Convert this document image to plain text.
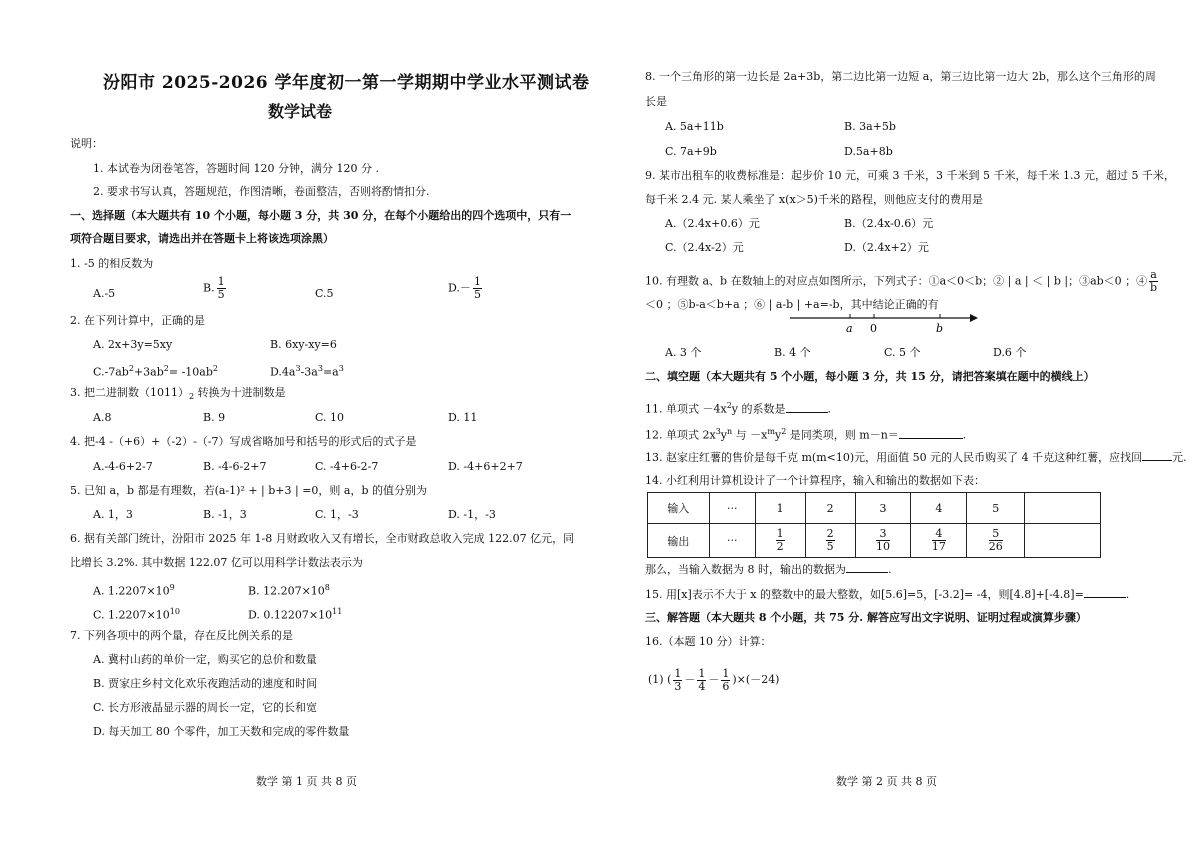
汾阳市 2025-2026 学年度初一第一学期期中学业水平测试卷
数学试卷
说明：
1. 本试卷为闭卷笔答，答题时间 120 分钟，满分 120 分 .
2. 要求书写认真，答题规范，作图清晰，卷面整洁，否则将酌情扣分.
一、选择题（本大题共有 10 个小题，每小题 3 分，共 30 分，在每个小题给出的四个选项中，只有一
项符合题目要求，请选出并在答题卡上将该选项涂黑）
1. -5 的相反数为
A.-5	B. $\frac{1}{5}$	C.5	$D.- \frac{1}{5}$
2. 在下列计算中，正确的是
A. 2x+3y=5xy	B. 6xy-xy=6
$C.-7ab^2+3ab^2= -10ab^2$	$D.4a^3-3a^3=a^3$
3. 把二进制数$(1011)_2$ 转换为十进制数是
A.8	B. 9	C. 10	D. 11
4. 把-4 -（+6）+（-2）-（-7）写成省略加号和括号的形式后的式子是
A.-4-6+2-7	B. -4-6-2+7	C. -4+6-2-7	D. -4+6+2+7
5. 已知 a，b 都是有理数，若(a-1)² + | b+3 | =0，则 a，b 的值分别为
A. 1，3	B. -1，3	C. 1，-3	D. -1，-3
6. 据有关部门统计，汾阳市 2025 年 1-8 月财政收入又有增长，全市财政总收入完成 122.07 亿元，同
比增长 3.2%. 其中数据 122.07 亿可以用科学计数法表示为
A. $1.2207\times 10^9$	B. $12.207\times 10^8$
C. $1.2207\times 10^{10}$	D. $0.12207\times 10^{11}$
7. 下列各项中的两个量，存在反比例关系的是
A. 冀村山药的单价一定，购买它的总价和数量
B. 贾家庄乡村文化欢乐夜跑活动的速度和时间
C. 长方形液晶显示器的周长一定，它的长和宽
D. 每天加工 80 个零件，加工天数和完成的零件数量
数学 第 1 页 共 8 页
8. 一个三角形的第一边长是 2a+3b，第二边比第一边短 a，第三边比第一边大 2b，那么这个三角形的周
长是
A. 5a+11b	B. 3a+5b
C. 7a+9b	D.5a+8b
9. 某市出租车的收费标准是：起步价 10 元，可乘 3 千米，3 千米到 5 千米，每千米 1.3 元，超过 5 千米，
每千米 2.4 元. 某人乘坐了 x(x＞5)千米的路程，则他应支付的费用是
A.（2.4x+0.6）元	B.（2.4x-0.6）元
C.（2.4x-2）元	D.（2.4x+2）元
10. 有理数 a、b 在数轴上的对应点如图所示，下列式子：①a＜0＜b；② | a | ＜ | b |；③ab＜0 ；④ $\frac{a}{b}$
＜0 ；⑤b-a＜b+a ；⑥ | a-b | +a=-b，其中结论正确的有
a 0	b
A. 3 个	B. 4 个	C. 5 个	D.6 个
二、填空题（本大题共有 5 个小题，每小题 3 分，共 15 分，请把答案填在题中的横线上）
11. 单项式 $-4x^2y$ 的系数是	.
12. 单项式 $2x^3y^n$ 与 $-x^my^2$ 是同类项，则 m－n＝	.
13. 赵家庄红薯的售价是每千克 m(m<10)元，用面值 50 元的人民币购买了 4 千克这种红薯，应找回	元.
14. 小红利用计算机设计了一个计算程序，输入和输出的数据如下表：
输入	···	1	2	3	4	5	
输出	···	$\frac{1}{2}$	$\frac{2}{5}$	$\frac{3}{10}$	$\frac{4}{17}$	$\frac{5}{26}$

那么，当输入数据为 8 时，输出的数据为	.
15. 用[x]表示不大于 x 的整数中的最大整数，如[5.6]=5，[-3.2]= -4，则[4.8]+[-4.8]=	.
三、解答题（本大题共 8 个小题，共 75 分. 解答应写出文字说明、证明过程或演算步骤）
16.（本题 10 分）计算：
(1) ( $\frac{1}{3} - \frac{1}{4} - \frac{1}{6} )\times(-24)$
数学 第 2 页 共 8 页
